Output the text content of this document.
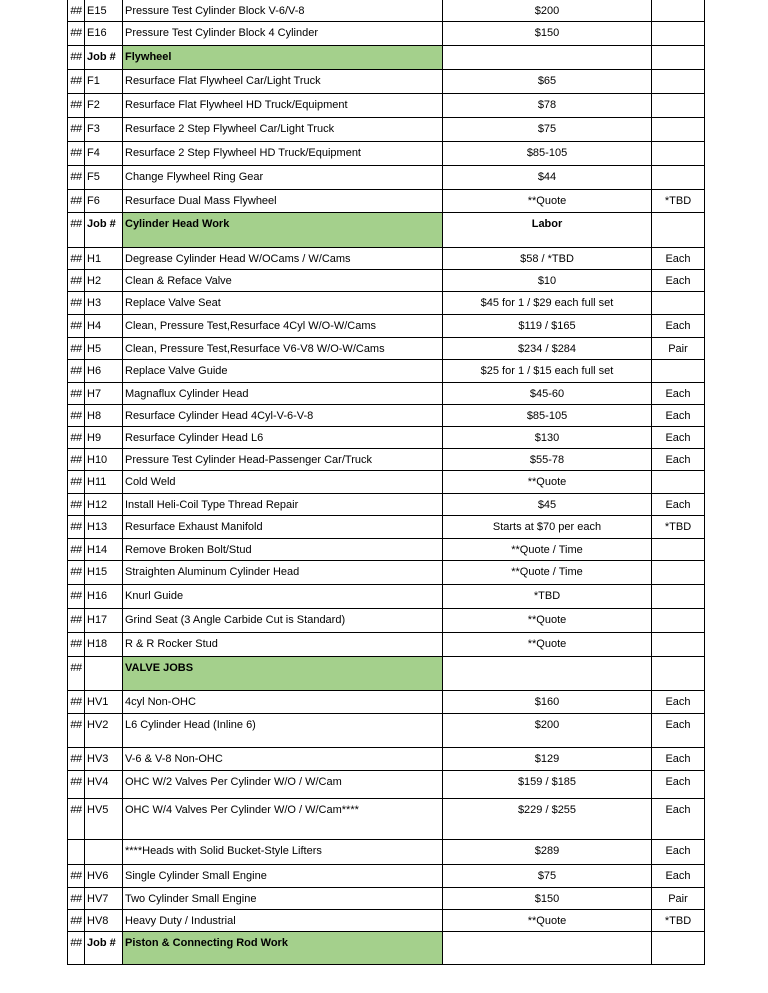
##	E15	Pressure Test Cylinder Block V-6/V-8	$200	
##	E16	Pressure Test Cylinder Block 4 Cylinder	$150	
##	Job #	Flywheel		
##	F1	Resurface Flat Flywheel Car/Light Truck	$65	
##	F2	Resurface Flat Flywheel HD Truck/Equipment	$78	
##	F3	Resurface 2 Step Flywheel Car/Light Truck	$75	
##	F4	Resurface 2 Step Flywheel HD Truck/Equipment	$85-105	
##	F5	Change Flywheel Ring Gear	$44	
##	F6	Resurface Dual Mass Flywheel	**Quote	*TBD
##	Job #	Cylinder Head Work	Labor	
##	H1	Degrease Cylinder Head W/OCams / W/Cams	$58 / *TBD	Each
##	H2	Clean & Reface Valve	$10	Each
##	H3	Replace Valve Seat	$45 for 1 / $29 each full set	
##	H4	Clean, Pressure Test,Resurface 4Cyl W/O-W/Cams	$119 / $165	Each
##	H5	Clean, Pressure Test,Resurface V6-V8 W/O-W/Cams	$234 / $284	Pair
##	H6	Replace Valve Guide	$25 for 1 / $15 each full set	
##	H7	Magnaflux Cylinder Head	$45-60	Each
##	H8	Resurface Cylinder Head 4Cyl-V-6-V-8	$85-105	Each
##	H9	Resurface Cylinder Head L6	$130	Each
##	H10	Pressure Test Cylinder Head-Passenger Car/Truck	$55-78	Each
##	H11	Cold Weld	**Quote	
##	H12	Install Heli-Coil Type Thread Repair	$45	Each
##	H13	Resurface Exhaust Manifold	Starts at $70 per each	*TBD
##	H14	Remove Broken Bolt/Stud	**Quote / Time	
##	H15	Straighten Aluminum Cylinder Head	**Quote / Time	
##	H16	Knurl Guide	*TBD	
##	H17	Grind Seat (3 Angle Carbide Cut is Standard)	**Quote	
##	H18	R & R Rocker Stud	**Quote	
##		VALVE JOBS		
##	HV1	4cyl Non-OHC	$160	Each
##	HV2	L6 Cylinder Head (Inline 6)	$200	Each
##	HV3	V-6 & V-8 Non-OHC	$129	Each
##	HV4	OHC W/2 Valves Per Cylinder W/O / W/Cam	$159 / $185	Each
##	HV5	OHC W/4 Valves Per Cylinder W/O / W/Cam****	$229 / $255	Each
		****Heads with Solid Bucket-Style Lifters	$289	Each
##	HV6	Single Cylinder Small Engine	$75	Each
##	HV7	Two Cylinder Small Engine	$150	Pair
##	HV8	Heavy Duty / Industrial	**Quote	*TBD
##	Job #	Piston & Connecting Rod Work		
